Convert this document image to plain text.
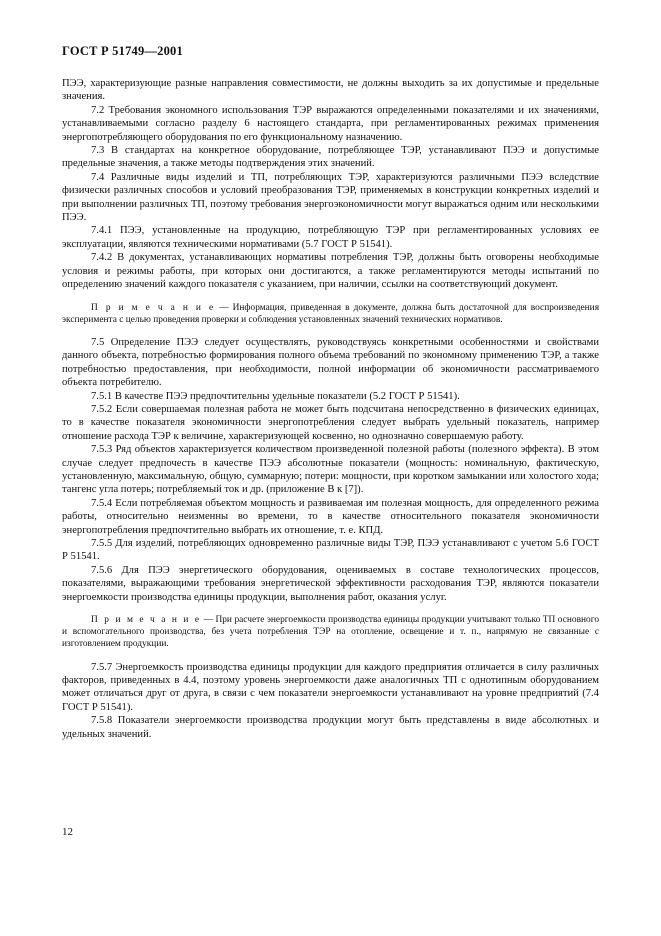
ГОСТ Р 51749—2001

ПЭЭ, характеризующие разные направления совместимости, не должны выходить за их допустимые и предельные значения.

7.2 Требования экономного использования ТЭР выражаются определенными показателями и их значениями, устанавливаемыми согласно разделу 6 настоящего стандарта, при регламентированных режимах применения энергопотребляющего оборудования по его функциональному назначению.

7.3 В стандартах на конкретное оборудование, потребляющее ТЭР, устанавливают ПЭЭ и допустимые предельные значения, а также методы подтверждения этих значений.

7.4 Различные виды изделий и ТП, потребляющих ТЭР, характеризуются различными ПЭЭ вследствие физически различных способов и условий преобразования ТЭР, применяемых в конструкции конкретных изделий и при выполнении различных ТП, поэтому требования энергоэкономичности могут выражаться одним или несколькими ПЭЭ.

7.4.1 ПЭЭ, установленные на продукцию, потребляющую ТЭР при регламентированных условиях ее эксплуатации, являются техническими нормативами (5.7 ГОСТ Р 51541).

7.4.2 В документах, устанавливающих нормативы потребления ТЭР, должны быть оговорены необходимые условия и режимы работы, при которых они достигаются, а также регламентируются методы испытаний по определению значений каждого показателя с указанием, при наличии, ссылки на соответствующий документ.

П р и м е ч а н и е — Информация, приведенная в документе, должна быть достаточной для воспроизведения эксперимента с целью проведения проверки и соблюдения установленных значений технических нормативов.

7.5 Определение ПЭЭ следует осуществлять, руководствуясь конкретными особенностями и свойствами данного объекта, потребностью формирования полного объема требований по экономному применению ТЭР, а также потребностью предоставления, при необходимости, полной информации об экономичности рассматриваемого объекта потребителю.

7.5.1 В качестве ПЭЭ предпочтительны удельные показатели (5.2 ГОСТ Р 51541).

7.5.2 Если совершаемая полезная работа не может быть подсчитана непосредственно в физических единицах, то в качестве показателя экономичности энергопотребления следует выбрать удельный показатель, например отношение расхода ТЭР к величине, характеризующей косвенно, но однозначно совершаемую работу.

7.5.3 Ряд объектов характеризуется количеством произведенной полезной работы (полезного эффекта). В этом случае следует предпочесть в качестве ПЭЭ абсолютные показатели (мощность: номинальную, фактическую, установленную, максимальную, общую, суммарную; потери: мощности, при коротком замыкании или холостого хода; тангенс угла потерь; потребляемый ток и др. (приложение В к [7]).

7.5.4 Если потребляемая объектом мощность и развиваемая им полезная мощность, для определенного режима работы, относительно неизменны во времени, то в качестве относительного показателя экономичности энергопотребления предпочтительно выбрать их отношение, т. е. КПД.

7.5.5 Для изделий, потребляющих одновременно различные виды ТЭР, ПЭЭ устанавливают с учетом 5.6 ГОСТ Р 51541.

7.5.6 Для ПЭЭ энергетического оборудования, оцениваемых в составе технологических процессов, показателями, выражающими требования энергетической эффективности расходования ТЭР, являются показатели энергоемкости производства единицы продукции, выполнения работ, оказания услуг.

П р и м е ч а н и е — При расчете энергоемкости производства единицы продукции учитывают только ТП основного и вспомогательного производства, без учета потребления ТЭР на отопление, освещение и т. п., напрямую не связанные с изготовлением продукции.

7.5.7 Энергоемкость производства единицы продукции для каждого предприятия отличается в силу различных факторов, приведенных в 4.4, поэтому уровень энергоемкости даже аналогичных ТП с однотипным оборудованием может отличаться друг от друга, в связи с чем показатели энергоемкости устанавливают на уровне предприятий (7.4 ГОСТ Р 51541).

7.5.8 Показатели энергоемкости производства продукции могут быть представлены в виде абсолютных и удельных значений.

12
